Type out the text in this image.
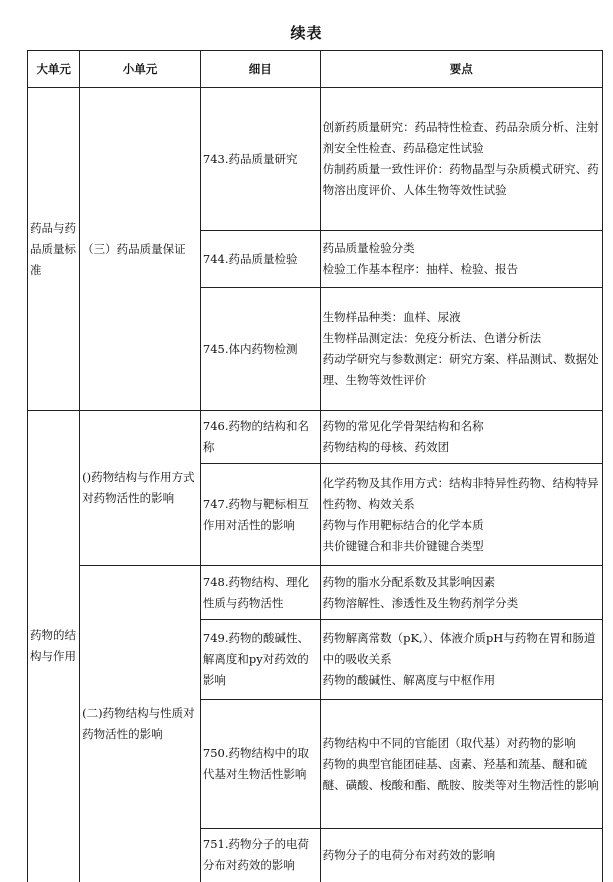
续表
大单元	小单元	细目	要点

药品与药品质量标准	（三）药品质量保证	743.药品质量研究	创新药质量研究：药品特性检查、药品杂质分析、注射剂安全性检查、药品稳定性试验
仿制药质量一致性评价：药物晶型与杂质模式研究、药物溶出度评价、人体生物等效性试验

		744.药品质量检验	药品质量检验分类
检验工作基本程序：抽样、检验、报告

		745.体内药物检测	生物样品种类：血样、尿液
生物样品测定法：免疫分析法、色谱分析法
药动学研究与参数测定：研究方案、样品测试、数据处理、生物等效性评价

药物的结构与作用	()药物结构与作用方式对药物活性的影响	746.药物的结构和名称	药物的常见化学骨架结构和名称
药物结构的母核、药效团

		747.药物与靶标相互作用对活性的影响	化学药物及其作用方式：结构非特异性药物、结构特异性药物、构效关系
药物与作用靶标结合的化学本质
共价键键合和非共价键键合类型

	(二)药物结构与性质对药物活性的影响	748.药物结构、理化性质与药物活性	药物的脂水分配系数及其影响因素
药物溶解性、渗透性及生物药剂学分类

		749.药物的酸碱性、解离度和py对药效的影响	药物解离常数（pK,）、体液介质pH与药物在胃和肠道中的吸收关系
药物的酸碱性、解离度与中枢作用

		750.药物结构中的取代基对生物活性影响	药物结构中不同的官能团（取代基）对药物的影响
药物的典型官能团硅基、卤素、羟基和巯基、醚和硫醚、磺酸、梭酸和酯、酰胺、胺类等对生物活性的影响

		751.药物分子的电荷分布对药效的影响	药物分子的电荷分布对药效的影响
